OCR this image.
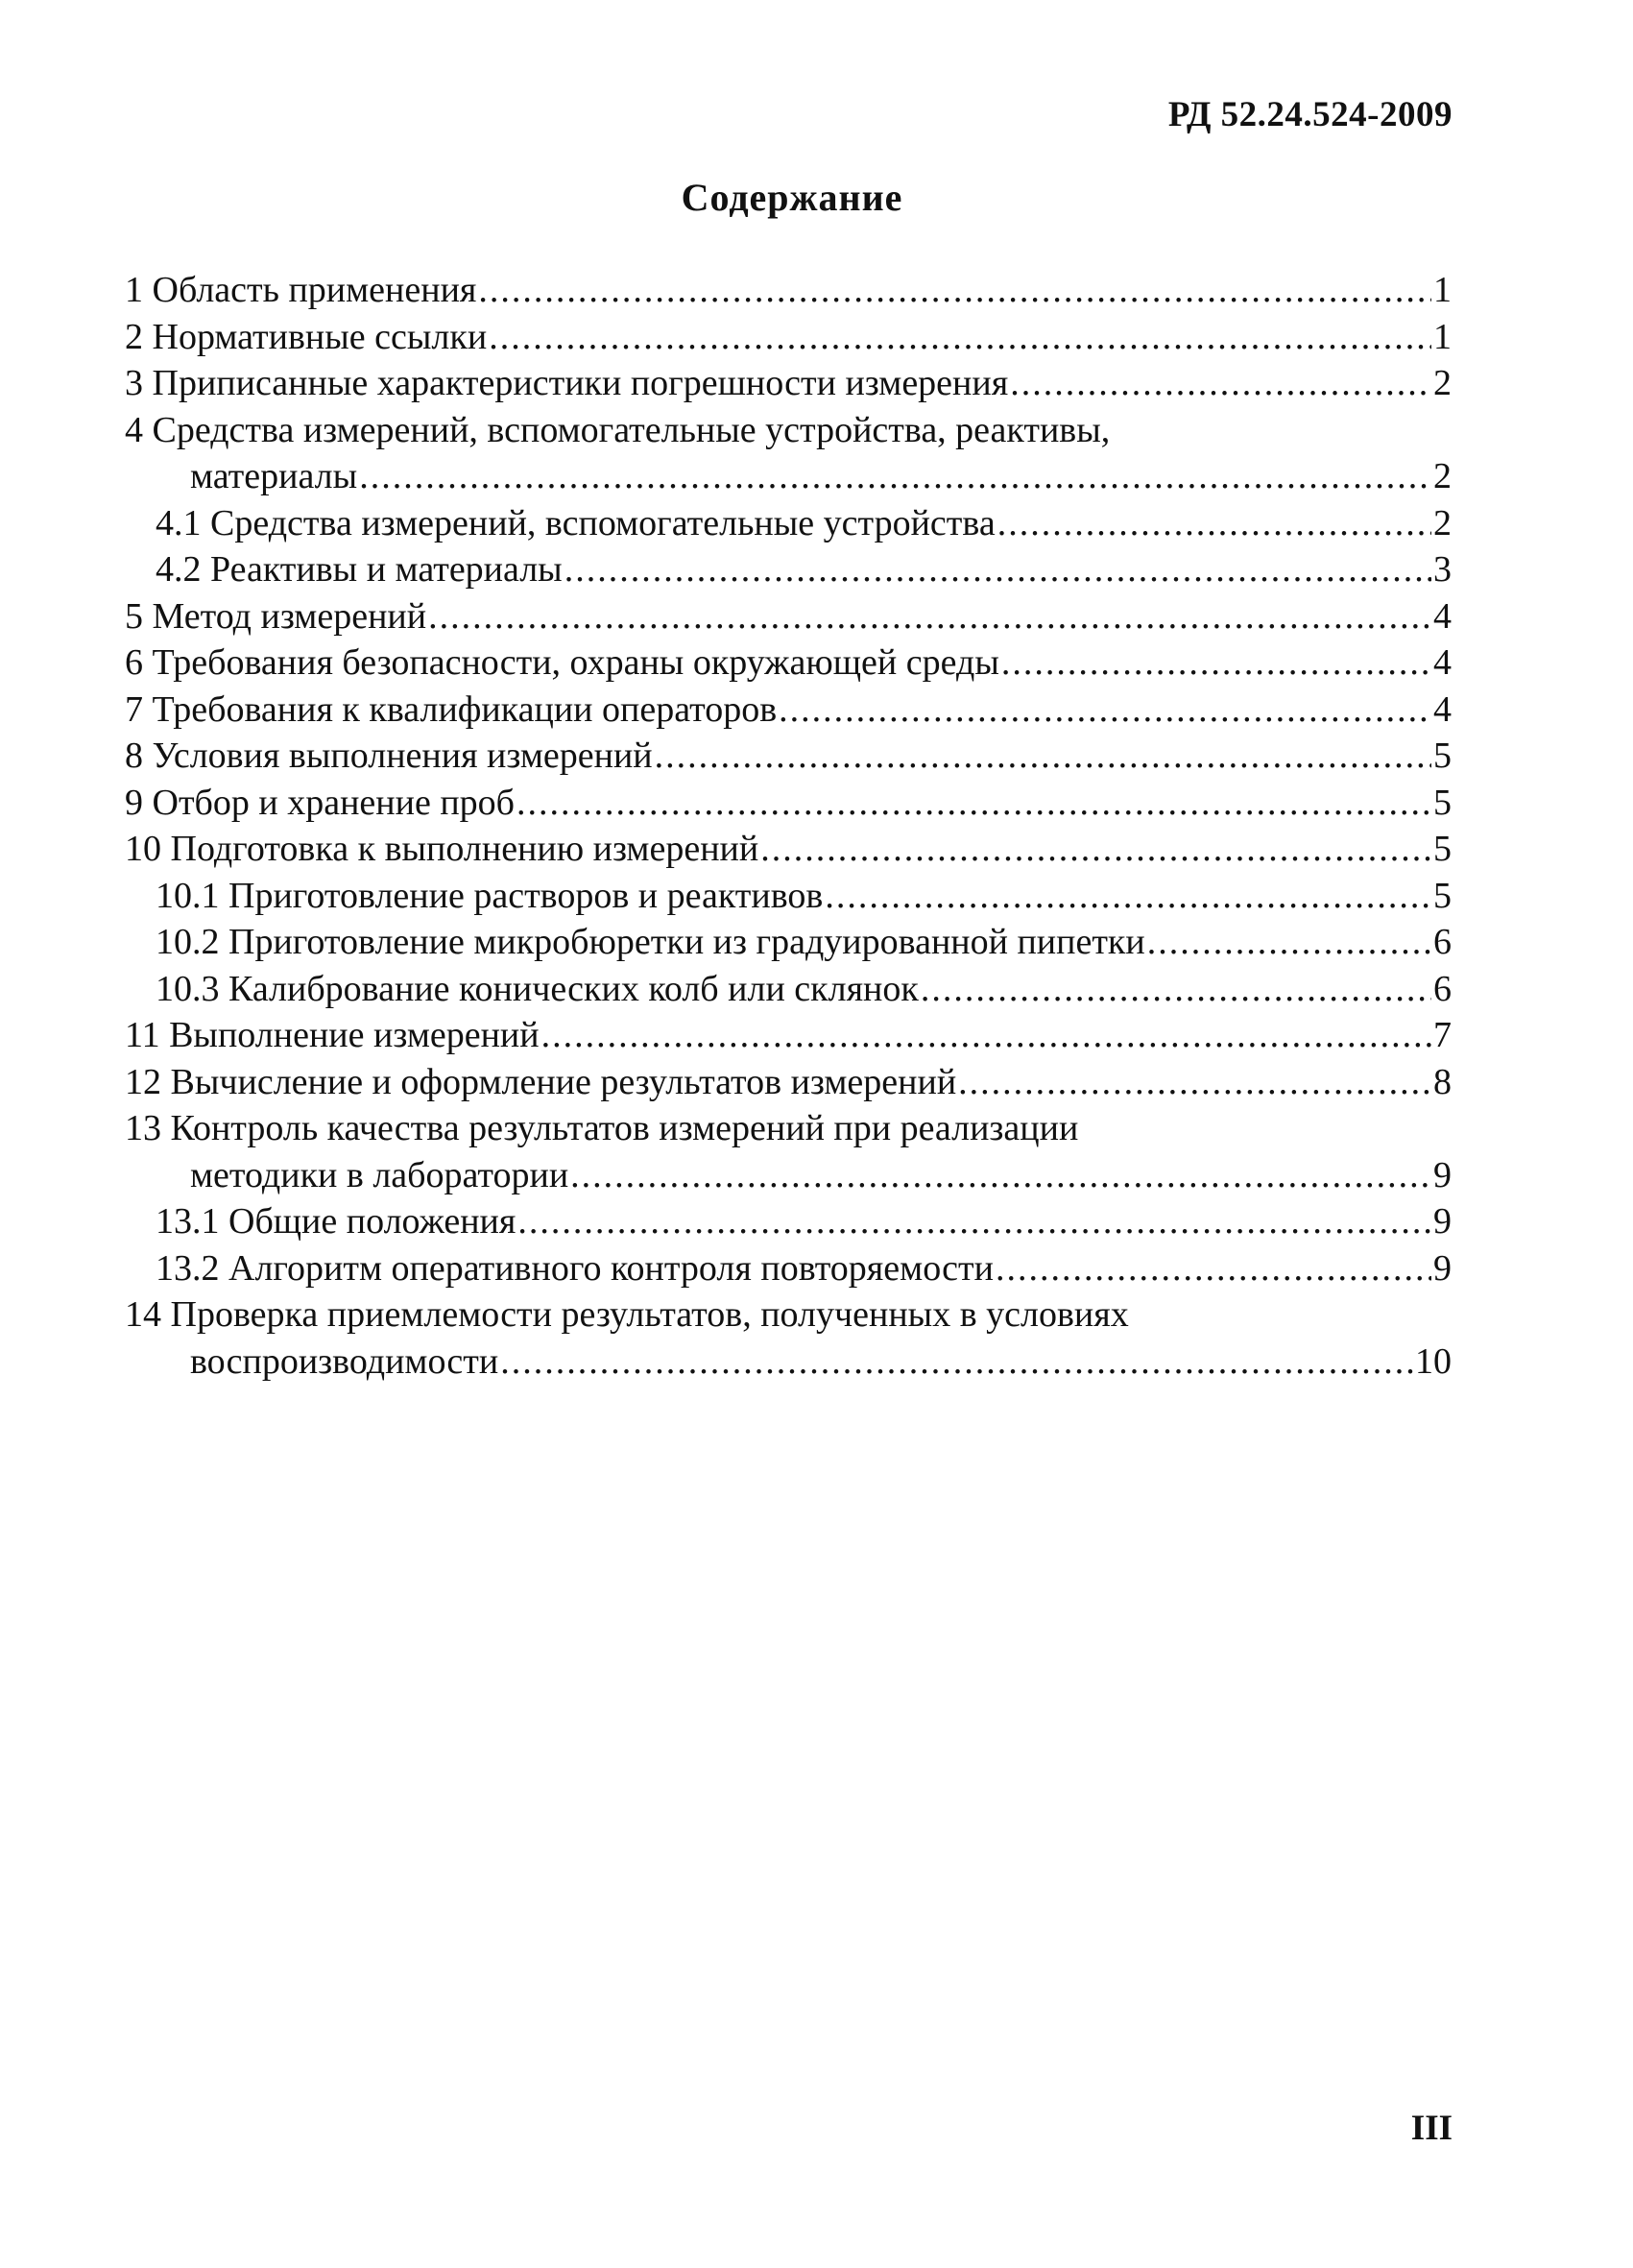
РД 52.24.524-2009
Содержание
1 Область применения .....	1
2 Нормативные ссылки .....	1
3 Приписанные характеристики погрешности измерения .....	2
4 Средства измерений, вспомогательные устройства, реактивы,
материалы .....	2
4.1 Средства измерений, вспомогательные устройства .....	2
4.2 Реактивы и материалы .....	3
5 Метод измерений .....	4
6 Требования безопасности, охраны окружающей среды .....	4
7 Требования к квалификации операторов .....	4
8 Условия выполнения измерений .....	5
9 Отбор и хранение проб .....	5
10 Подготовка к выполнению измерений .....	5
10.1 Приготовление растворов и реактивов .....	5
10.2 Приготовление микробюретки из градуированной пипетки .....	6
10.3 Калибрование конических колб или склянок .....	6
11 Выполнение измерений .....	7
12 Вычисление и оформление результатов измерений .....	8
13 Контроль качества результатов измерений при реализации
методики в лаборатории .....	9
13.1 Общие положения .....	9
13.2 Алгоритм оперативного контроля повторяемости .....	9
14 Проверка приемлемости результатов, полученных в условиях
воспроизводимости .....	10
III
